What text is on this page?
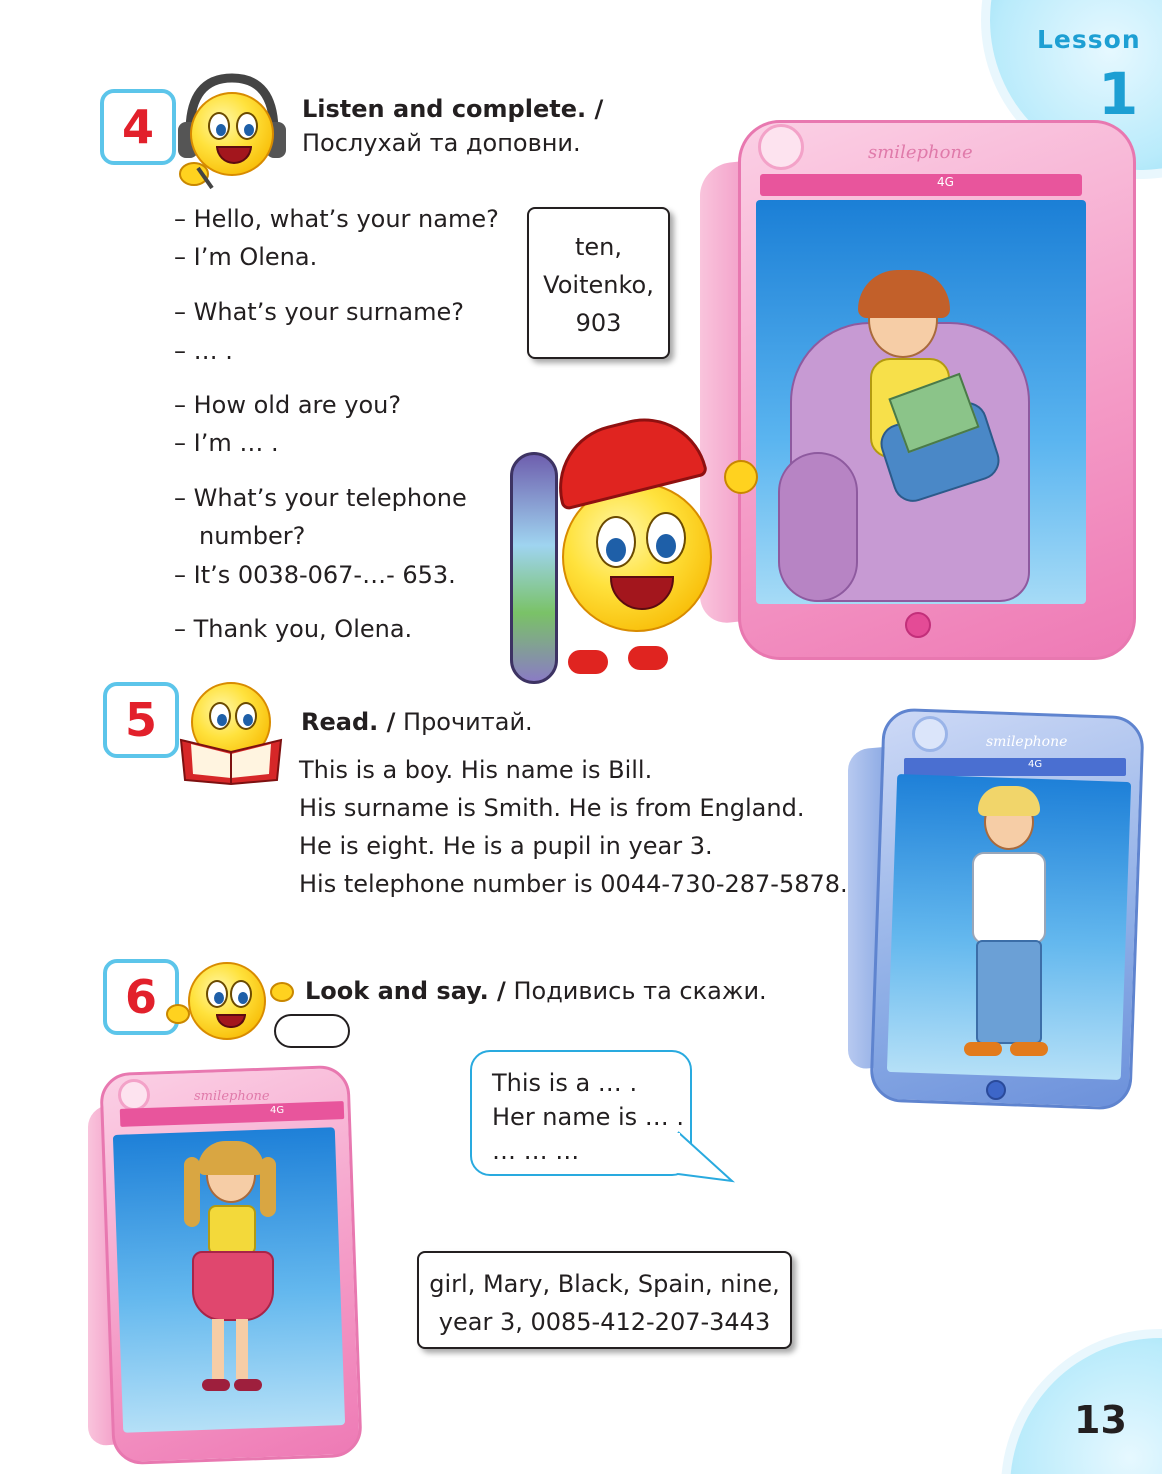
Lesson
1
4	Listen and complete. /
Послухай та доповни.
– Hello, what’s your name?
– I’m Olena.
– What’s your surname?
– … .
– How old are you?
– I’m … .
– What’s your telephone
number?
– It’s 0038-067-…- 653.
– Thank you, Olena.
ten,
Voitenko,
903
smilephone
4G
5	Read. / Прочитай.
This is a boy. His name is Bill.
His surname is Smith. He is from England.
He is eight. He is a pupil in year 3.
His telephone number is 0044-730-287-5878.
smilephone
4G
6	Look and say. / Подивись та скажи.
This is a … .
Her name is … .
… … …
girl, Mary, Black, Spain, nine,
year 3, 0085-412-207-3443
smilephone
4G
13
